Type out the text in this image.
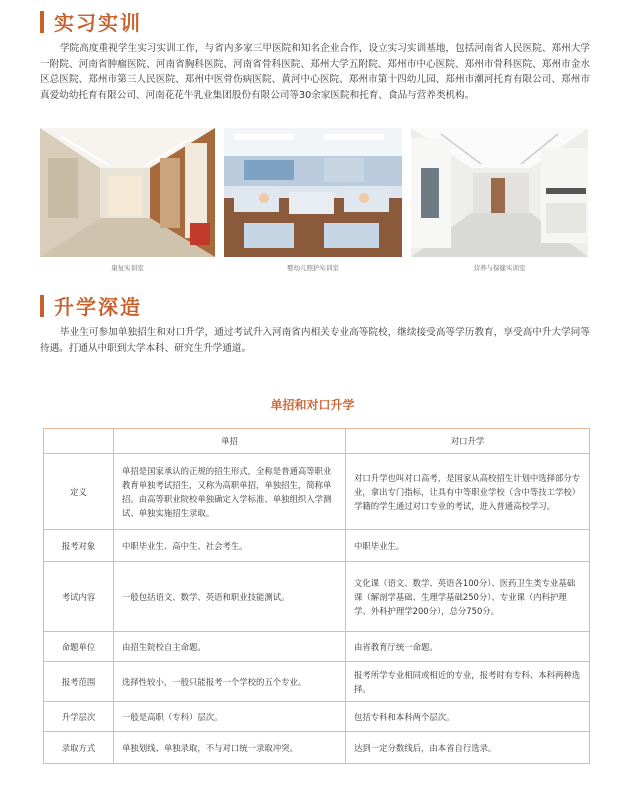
实习实训
学院高度重视学生实习实训工作，与省内多家三甲医院和知名企业合作，设立实习实训基地，包括河南省人民医院、郑州大学一附院、河南省肿瘤医院、河南省胸科医院、河南省骨科医院、郑州大学五附院、郑州市中心医院、郑州市骨科医院、郑州市金水区总医院、郑州市第三人民医院、郑州中医骨伤病医院、黄河中心医院、郑州市第十四幼儿园、郑州市潮河托育有限公司、郑州市真爱幼幼托育有限公司、河南花花牛乳业集团股份有限公司等30余家医院和托育、食品与营养类机构。
康复实训室	婴幼儿照护实训室	营养与保健实训室
升学深造
毕业生可参加单独招生和对口升学，通过考试升入河南省内相关专业高等院校，继续接受高等学历教育，享受高中升大学同等待遇。打通从中职到大学本科、研究生升学通道。
单招和对口升学
	单招	对口升学
定义	单招是国家承认的正规的招生形式，全称是普通高等职业教育单独考试招生，又称为高职单招，单独招生，简称单招。由高等职业院校单独确定入学标准、单独组织入学测试、单独实施招生录取。	对口升学也叫对口高考，是国家从高校招生计划中选择部分专业，拿出专门指标，让具有中等职业学校（含中等技工学校）学籍的学生通过对口专业的考试，进入普通高校学习。
报考对象	中职毕业生、高中生、社会考生。	中职毕业生。
考试内容	一般包括语文、数学、英语和职业技能测试。	文化课（语文、数学、英语各100分）、医药卫生类专业基础课（解剖学基础、生理学基础250分）、专业课（内科护理学、外科护理学200分），总分750分。
命题单位	由招生院校自主命题。	由省教育厅统一命题。
报考范围	选择性较小，一般只能报考一个学校的五个专业。	报考所学专业相同或相近的专业，报考时有专科、本科两种选择。
升学层次	一般是高职（专科）层次。	包括专科和本科两个层次。
录取方式	单独划线、单独录取，不与对口统一录取冲突。	达到一定分数线后，由本省自行选录。
